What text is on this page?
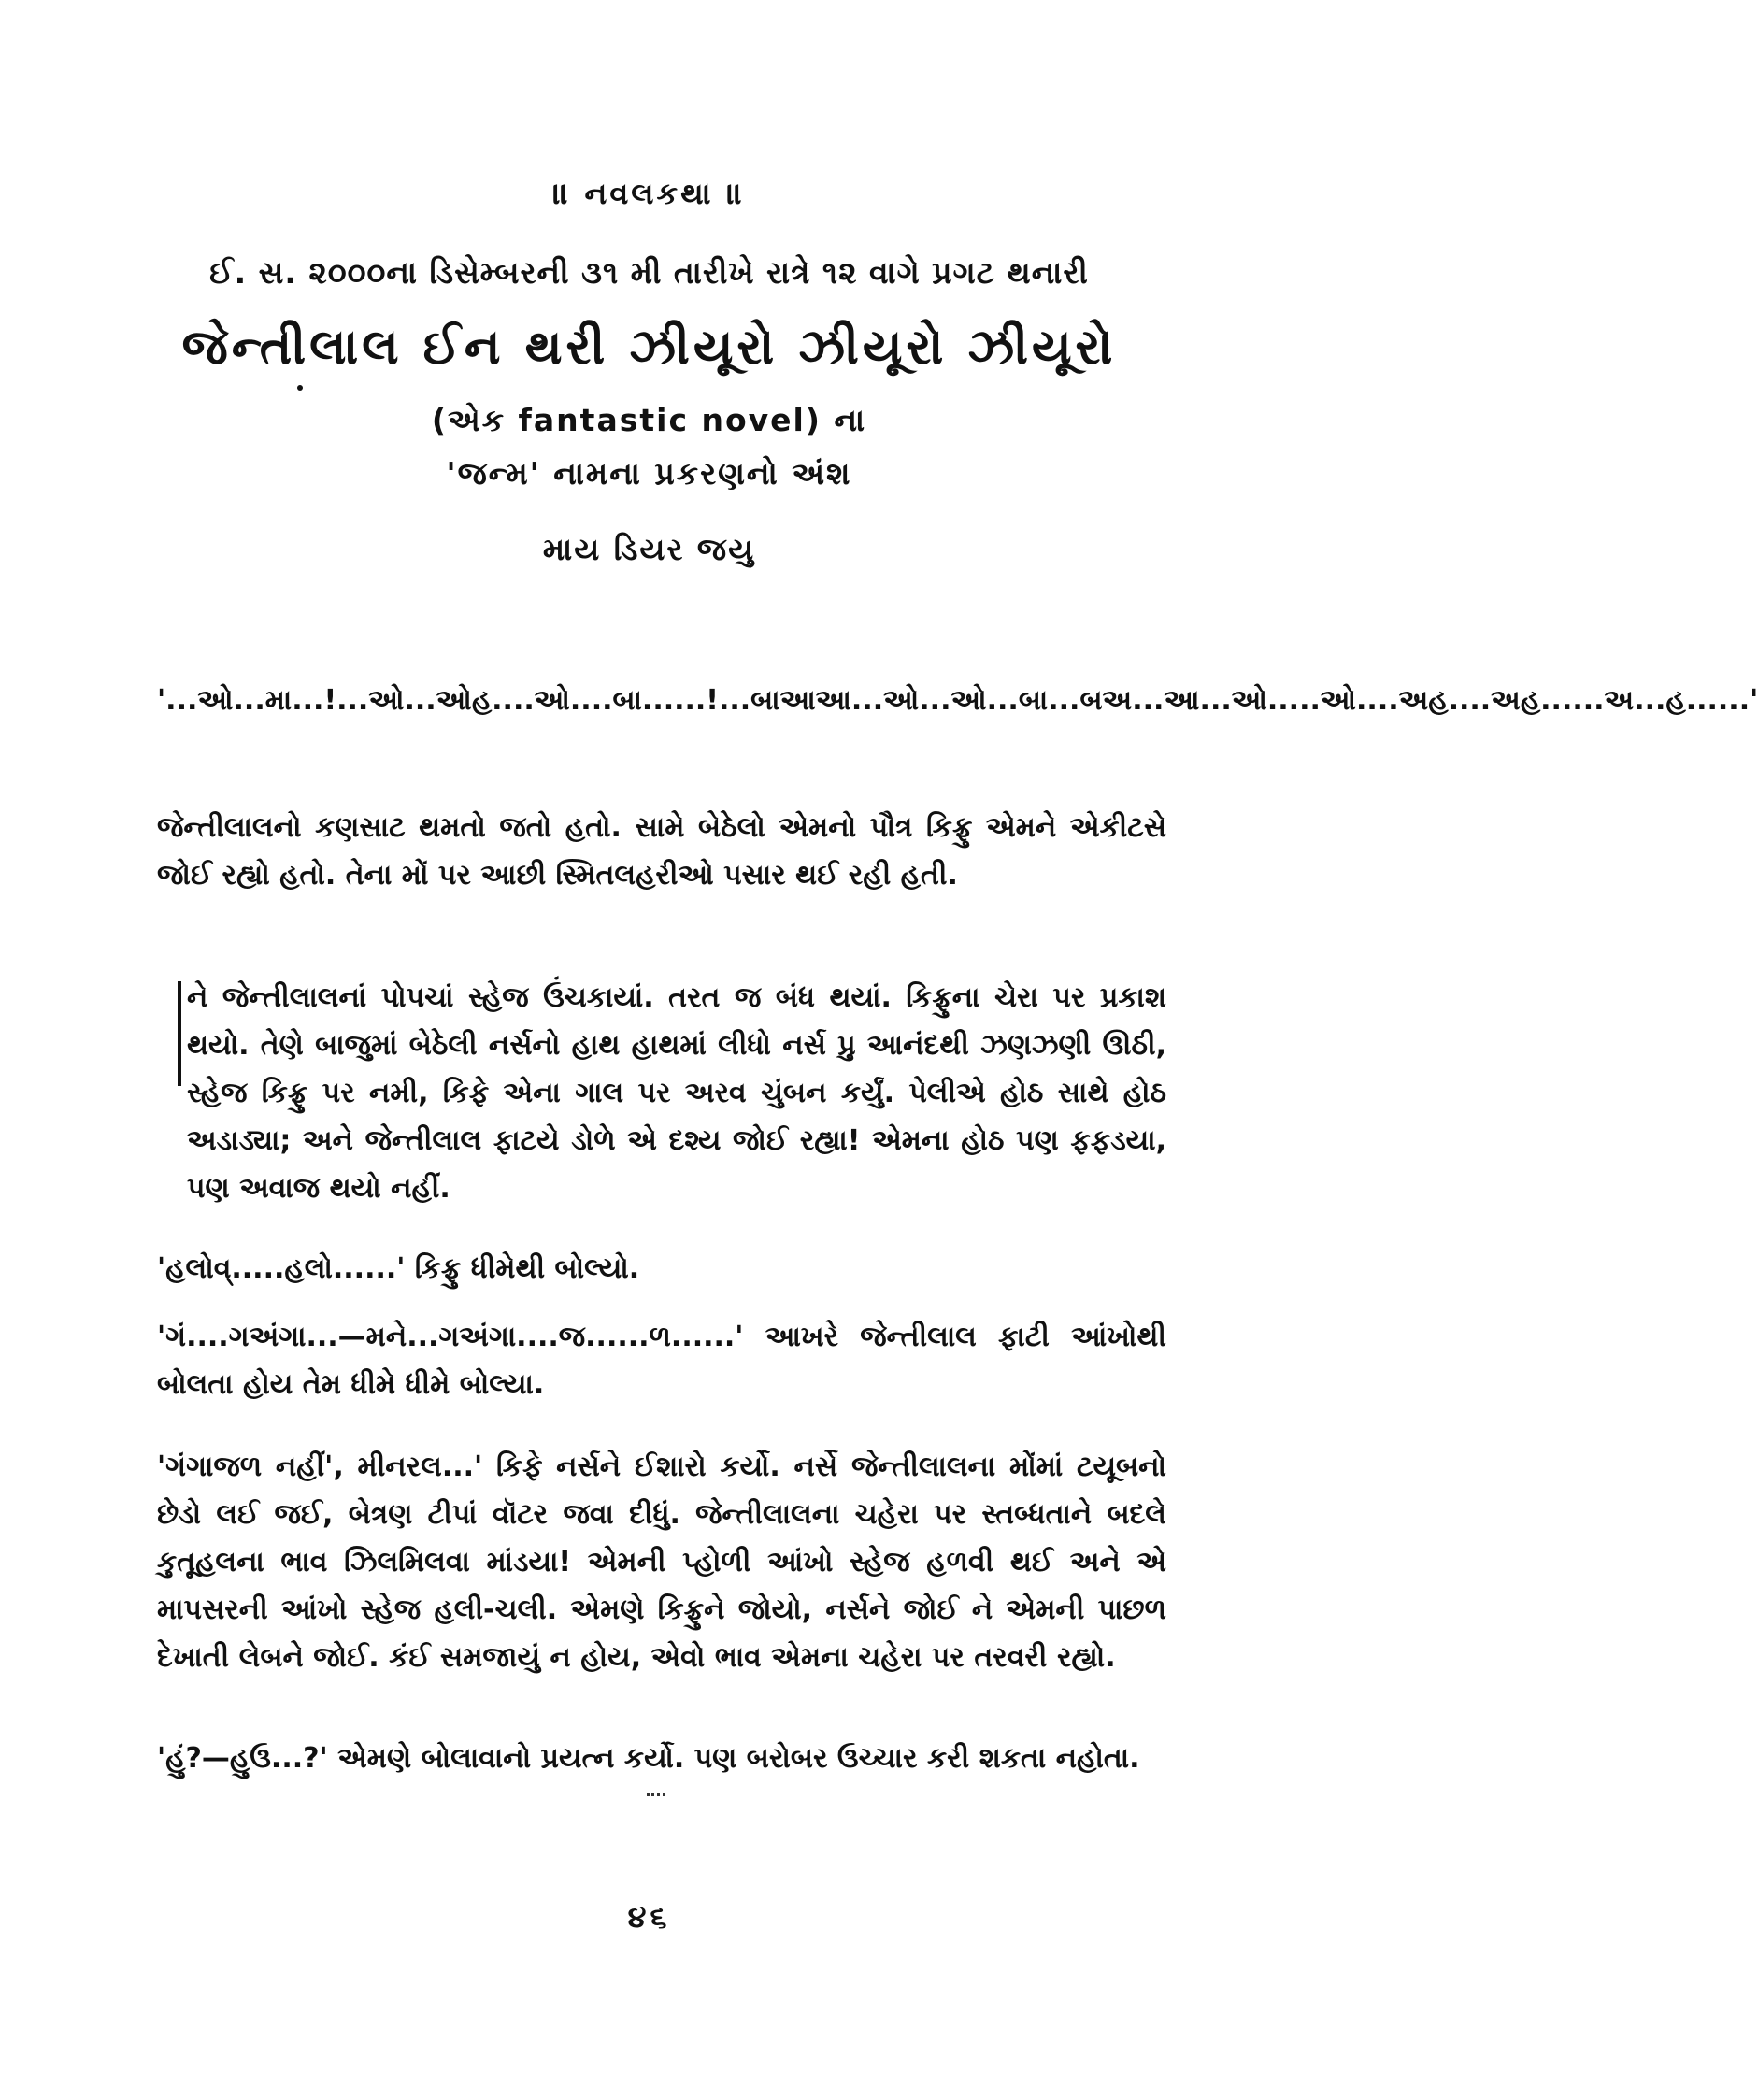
॥ નવલકથા ॥
ઈ. સ. ૨૦૦૦ના ડિસેમ્બરની ૩૧ મી તારીખે રાત્રે ૧૨ વાગે પ્રગટ થનારી
જેન્તીલાલ ઈન થરી ઝીયૂરો ઝીયૂરો ઝીયૂરો
(એક fantastic novel) ના
'જન્મ' નામના પ્રકરણનો અંશ
માય ડિયર જયુ
'...ઓ...મા...!...ઓ...ઓહ....ઓ....બા......!...બાઆઆ...ઓ...ઓ...બા...બઅ...આ...ઓ.....ઓ....અહ....અહ......અ...હ......'
જેન્તીલાલનો કણસાટ થમતો જતો હતો. સામે બેઠેલો એમનો પૌત્ર કિફ્રુ એમને એકીટસે જોઈ રહ્યો હતો. તેના મોં પર આછી સ્મિતલહરીઓ પસાર થઈ રહી હતી.
ને જેન્તીલાલનાં પોપચાં સ્હેજ ઉંચકાયાં. તરત જ બંધ થયાં. કિફ્રુના ચેરા પર પ્રકાશ થયો. તેણે બાજુમાં બેઠેલી નર્સનો હાથ હાથમાં લીધો નર્સ પ્રુ આનંદથી ઝણઝણી ઊઠી, સ્હેજ કિફ્રુ પર નમી, કિફે એના ગાલ પર અરવ ચુંબન કર્યું. પેલીએ હોઠ સાથે હોઠ અડાડ્યા; અને જેન્તીલાલ ફાટયે ડોળે એ દશ્ય જોઈ રહ્યા! એમના હોઠ પણ ફફડયા, પણ અવાજ થયો નહીં.
'હલોવ્.....હલો......' કિફ્રુ ધીમેથી બોલ્યો.
'ગં....ગઅંગા...—મને...ગઅંગા....જ......ળ......' આખરે જેન્તીલાલ ફાટી આંખોથી બોલતા હોય તેમ ધીમે ધીમે બોલ્યા.
'ગંગાજળ નહીં', મીનરલ...' કિફે નર્સને ઈશારો કર્યો. નર્સે જેન્તીલાલના મોંમાં ટયૂબનો છેડો લઈ જઈ, બેત્રણ ટીપાં વૉટર જવા દીધું. જેન્તીલાલના ચહેરા પર સ્તબ્ધતાને બદલે કુતૂહલના ભાવ ઝિલમિલવા માંડયા! એમની પ્હોળી આંખો સ્હેજ હળવી થઈ અને એ માપસરની આંખો સ્હેજ હલી-ચલી. એમણે કિફ્રુને જોયો, નર્સને જોઈ ને એમની પાછળ દેખાતી લેબને જોઈ. કંઈ સમજાયું ન હોય, એવો ભાવ એમના ચહેરા પર તરવરી રહ્યો.
'હું?—હુઉ...?' એમણે બોલાવાનો પ્રયત્ન કર્યો. પણ બરોબર ઉચ્ચાર કરી શકતા નહોતા.
૪૬
